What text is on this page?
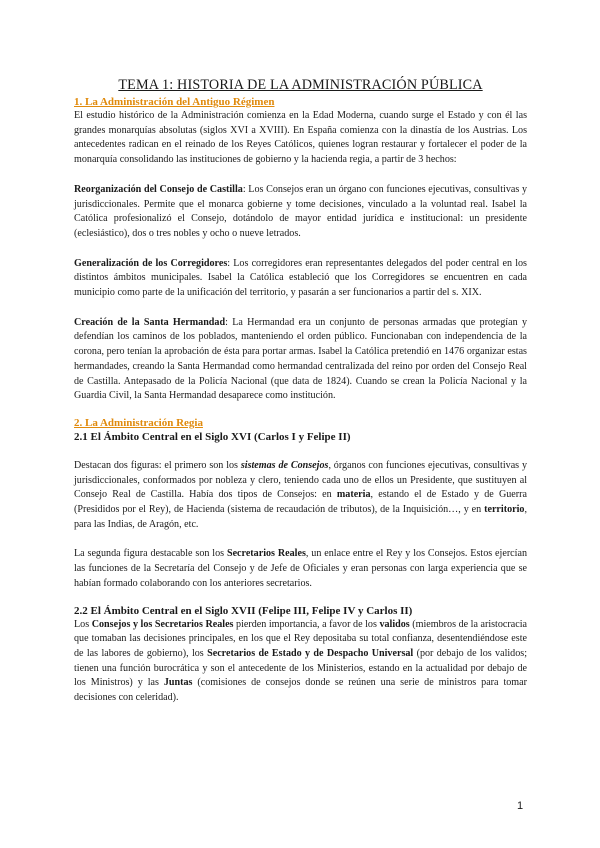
TEMA 1: HISTORIA DE LA ADMINISTRACIÓN PÚBLICA
1. La Administración del Antiguo Régimen

El estudio histórico de la Administración comienza en la Edad Moderna, cuando surge el Estado y con él las grandes monarquías absolutas (siglos XVI a XVIII). En España comienza con la dinastía de los Austrias. Los antecedentes radican en el reinado de los Reyes Católicos, quienes logran restaurar y fortalecer el poder de la monarquía consolidando las instituciones de gobierno y la hacienda regia, a partir de 3 hechos:

Reorganización del Consejo de Castilla: Los Consejos eran un órgano con funciones ejecutivas, consultivas y jurisdiccionales. Permite que el monarca gobierne y tome decisiones, vinculado a la voluntad real. Isabel la Católica profesionalizó el Consejo, dotándolo de mayor entidad jurídica e institucional: un presidente (eclesiástico), dos o tres nobles y ocho o nueve letrados.

Generalización de los Corregidores: Los corregidores eran representantes delegados del poder central en los distintos ámbitos municipales. Isabel la Católica estableció que los Corregidores se encuentren en cada municipio como parte de la unificación del territorio, y pasarán a ser funcionarios a partir del s. XIX.

Creación de la Santa Hermandad: La Hermandad era un conjunto de personas armadas que protegían y defendían los caminos de los poblados, manteniendo el orden público. Funcionaban con independencia de la corona, pero tenían la aprobación de ésta para portar armas. Isabel la Católica pretendió en 1476 organizar estas hermandades, creando la Santa Hermandad como hermandad centralizada del reino por orden del Consejo Real de Castilla. Antepasado de la Policía Nacional (que data de 1824). Cuando se crean la Policía Nacional y la Guardia Civil, la Santa Hermandad desaparece como institución.

2. La Administración Regia
2.1 El Ámbito Central en el Siglo XVI (Carlos I y Felipe II)

Destacan dos figuras: el primero son los sistemas de Consejos, órganos con funciones ejecutivas, consultivas y jurisdiccionales, conformados por nobleza y clero, teniendo cada uno de ellos un Presidente, que sustituyen al Consejo Real de Castilla. Había dos tipos de Consejos: en materia, estando el de Estado y de Guerra (Presididos por el Rey), de Hacienda (sistema de recaudación de tributos), de la Inquisición…, y en territorio, para las Indias, de Aragón, etc.

La segunda figura destacable son los Secretarios Reales, un enlace entre el Rey y los Consejos. Estos ejercían las funciones de la Secretaría del Consejo y de Jefe de Oficiales y eran personas con larga experiencia que se habían formado colaborando con los anteriores secretarios.

2.2 El Ámbito Central en el Siglo XVII (Felipe III, Felipe IV y Carlos II)

Los Consejos y los Secretarios Reales pierden importancia, a favor de los validos (miembros de la aristocracia que tomaban las decisiones principales, en los que el Rey depositaba su total confianza, desentendiéndose este de las labores de gobierno), los Secretarios de Estado y de Despacho Universal (por debajo de los validos; tienen una función burocrática y son el antecedente de los Ministerios, estando en la actualidad por debajo de los Ministros) y las Juntas (comisiones de consejos donde se reúnen una serie de ministros para tomar decisiones con celeridad).

1
